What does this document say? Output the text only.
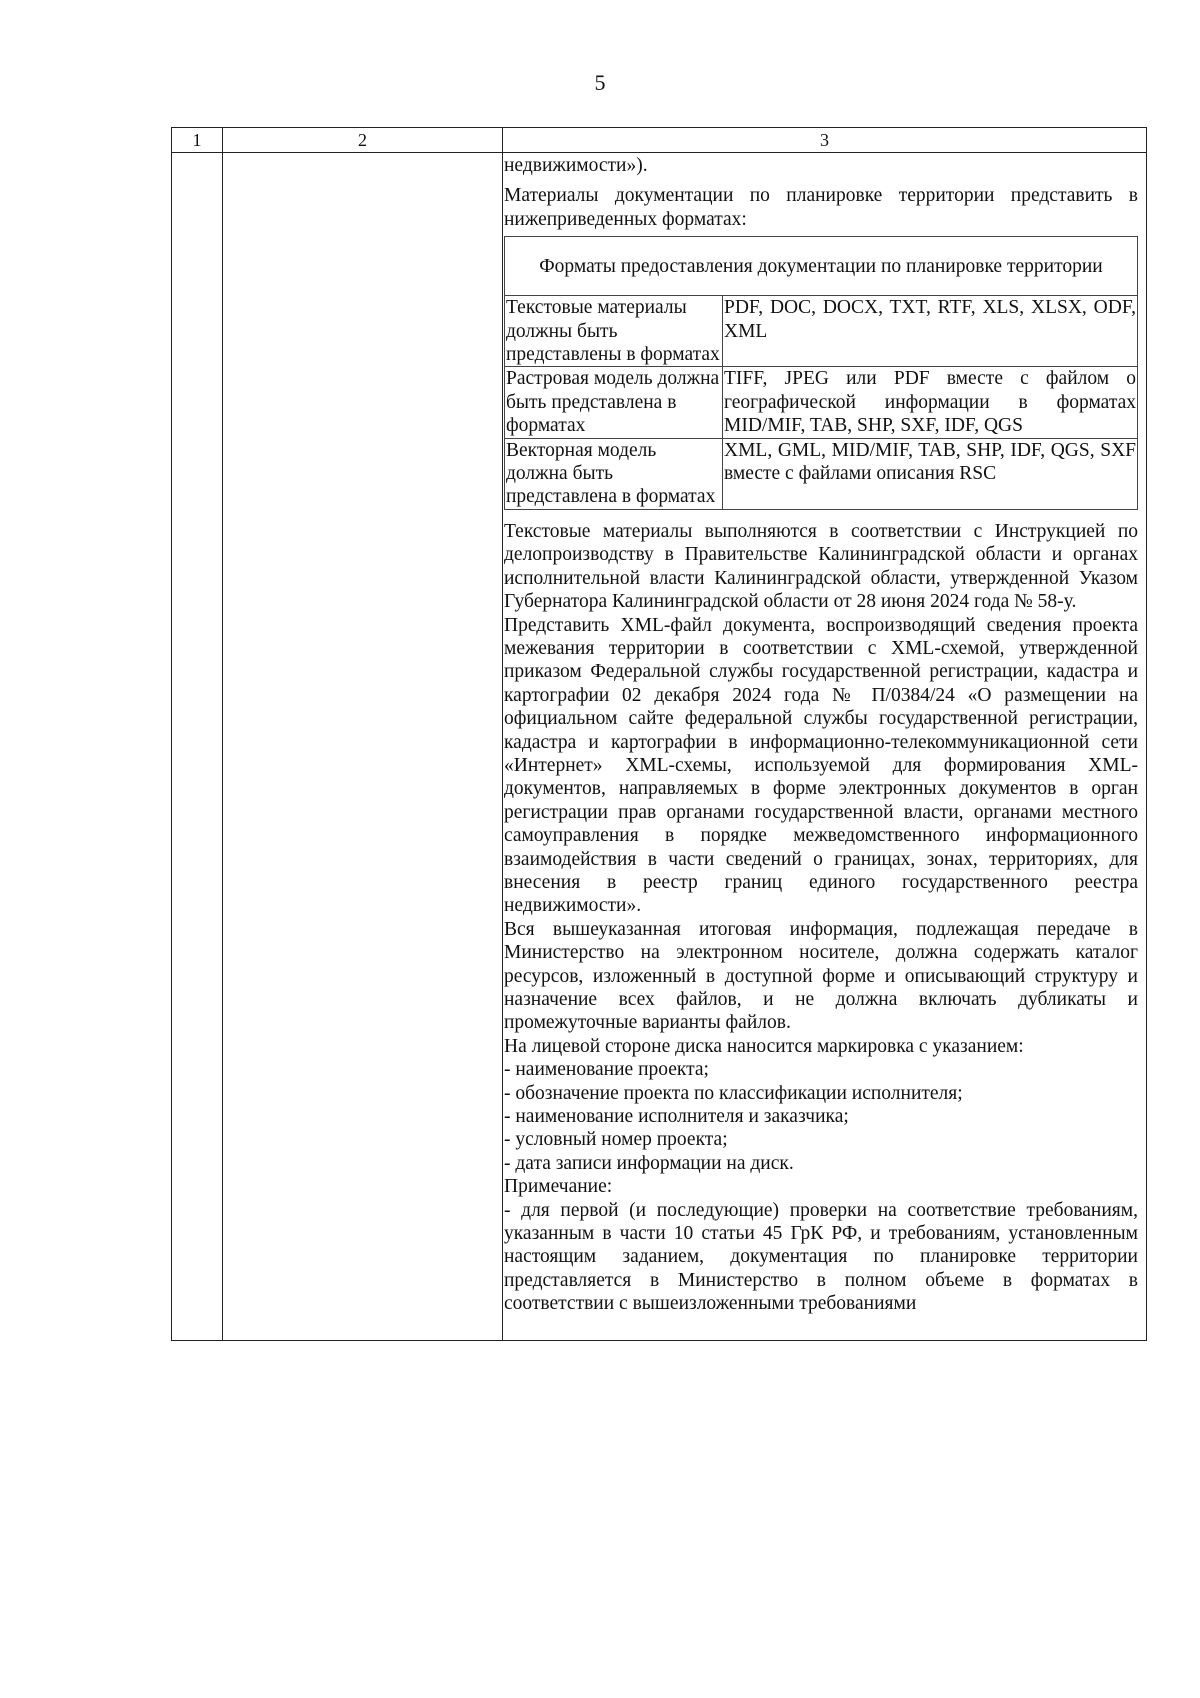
5
1	2	3

недвижимости»).

Материалы документации по планировке территории представить в нижеприведенных форматах:

Форматы предоставления документации по планировке территории	
Текстовые материалы должны быть представлены в форматах	PDF, DOC, DOCX, TXT, RTF, XLS, XLSX, ODF, XML
Растровая модель должна быть представлена в форматах	TIFF, JPEG или PDF вместе с файлом о географической информации в форматах MID/MIF, TAB, SHP, SXF, IDF, QGS
Векторная модель должна быть представлена в форматах	XML, GML, MID/MIF, TAB, SHP, IDF, QGS, SXF вместе с файлами описания RSC

Текстовые материалы выполняются в соответствии с Инструкцией по делопроизводству в Правительстве Калининградской области и органах исполнительной власти Калининградской области, утвержденной Указом Губернатора Калининградской области от 28 июня 2024 года № 58-у.

Представить XML-файл документа, воспроизводящий сведения проекта межевания территории в соответствии с XML-схемой, утвержденной приказом Федеральной службы государственной регистрации, кадастра и картографии 02 декабря 2024 года № П/0384/24 «О размещении на официальном сайте федеральной службы государственной регистрации, кадастра и картографии в информационно-телекоммуникационной сети «Интернет» XML-схемы, используемой для формирования XML-документов, направляемых в форме электронных документов в орган регистрации прав органами государственной власти, органами местного самоуправления в порядке межведомственного информационного взаимодействия в части сведений о границах, зонах, территориях, для внесения в реестр границ единого государственного реестра недвижимости».

Вся вышеуказанная итоговая информация, подлежащая передаче в Министерство на электронном носителе, должна содержать каталог ресурсов, изложенный в доступной форме и описывающий структуру и назначение всех файлов, и не должна включать дубликаты и промежуточные варианты файлов.

На лицевой стороне диска наносится маркировка с указанием:

- наименование проекта;

- обозначение проекта по классификации исполнителя;

- наименование исполнителя и заказчика;

- условный номер проекта;

- дата записи информации на диск.

Примечание:

- для первой (и последующие) проверки на соответствие требованиям, указанным в части 10 статьи 45 ГрК РФ, и требованиям, установленным настоящим заданием, документация по планировке территории представляется в Министерство в полном объеме в форматах в соответствии с вышеизложенными требованиями
